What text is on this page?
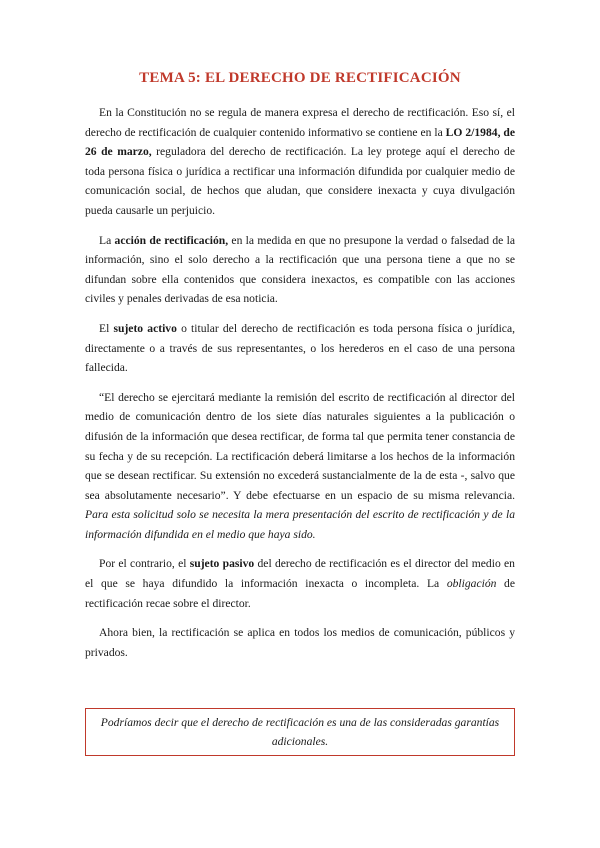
TEMA 5: EL DERECHO DE RECTIFICACIÓN

En la Constitución no se regula de manera expresa el derecho de rectificación. Eso sí, el derecho de rectificación de cualquier contenido informativo se contiene en la LO 2/1984, de 26 de marzo, reguladora del derecho de rectificación. La ley protege aquí el derecho de toda persona física o jurídica a rectificar una información difundida por cualquier medio de comunicación social, de hechos que aludan, que considere inexacta y cuya divulgación pueda causarle un perjuicio.

La acción de rectificación, en la medida en que no presupone la verdad o falsedad de la información, sino el solo derecho a la rectificación que una persona tiene a que no se difundan sobre ella contenidos que considera inexactos, es compatible con las acciones civiles y penales derivadas de esa noticia.

El sujeto activo o titular del derecho de rectificación es toda persona física o jurídica, directamente o a través de sus representantes, o los herederos en el caso de una persona fallecida.

“El derecho se ejercitará mediante la remisión del escrito de rectificación al director del medio de comunicación dentro de los siete días naturales siguientes a la publicación o difusión de la información que desea rectificar, de forma tal que permita tener constancia de su fecha y de su recepción. La rectificación deberá limitarse a los hechos de la información que se desean rectificar. Su extensión no excederá sustancialmente de la de esta -, salvo que sea absolutamente necesario”. Y debe efectuarse en un espacio de su misma relevancia. Para esta solicitud solo se necesita la mera presentación del escrito de rectificación y de la información difundida en el medio que haya sido.

Por el contrario, el sujeto pasivo del derecho de rectificación es el director del medio en el que se haya difundido la información inexacta o incompleta. La obligación de rectificación recae sobre el director.

Ahora bien, la rectificación se aplica en todos los medios de comunicación, públicos y privados.

Podríamos decir que el derecho de rectificación es una de las consideradas garantías adicionales.
